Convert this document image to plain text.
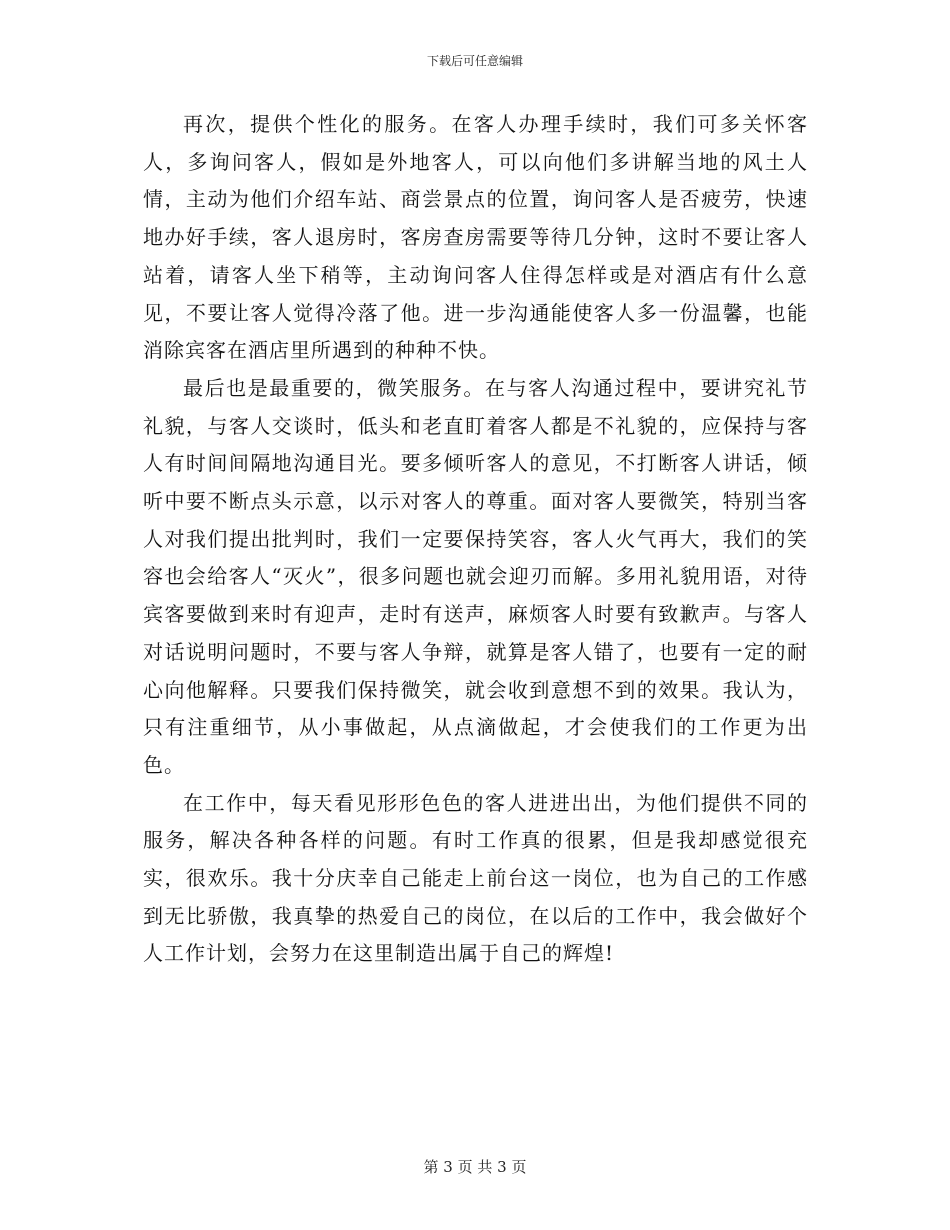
下载后可任意编辑

再次，提供个性化的服务。在客人办理手续时，我们可多关怀客人，多询问客人，假如是外地客人，可以向他们多讲解当地的风土人情，主动为他们介绍车站、商尝景点的位置，询问客人是否疲劳，快速地办好手续，客人退房时，客房查房需要等待几分钟，这时不要让客人站着，请客人坐下稍等，主动询问客人住得怎样或是对酒店有什么意见，不要让客人觉得冷落了他。进一步沟通能使客人多一份温馨，也能消除宾客在酒店里所遇到的种种不快。

最后也是最重要的，微笑服务。在与客人沟通过程中，要讲究礼节礼貌，与客人交谈时，低头和老直盯着客人都是不礼貌的，应保持与客人有时间间隔地沟通目光。要多倾听客人的意见，不打断客人讲话，倾听中要不断点头示意，以示对客人的尊重。面对客人要微笑，特别当客人对我们提出批判时，我们一定要保持笑容，客人火气再大，我们的笑容也会给客人“灭火”，很多问题也就会迎刃而解。多用礼貌用语，对待宾客要做到来时有迎声，走时有送声，麻烦客人时要有致歉声。与客人对话说明问题时，不要与客人争辩，就算是客人错了，也要有一定的耐心向他解释。只要我们保持微笑，就会收到意想不到的效果。我认为，只有注重细节，从小事做起，从点滴做起，才会使我们的工作更为出色。

在工作中，每天看见形形色色的客人进进出出，为他们提供不同的服务，解决各种各样的问题。有时工作真的很累，但是我却感觉很充实，很欢乐。我十分庆幸自己能走上前台这一岗位，也为自己的工作感到无比骄傲，我真挚的热爱自己的岗位，在以后的工作中，我会做好个人工作计划，会努力在这里制造出属于自己的辉煌!

第 3 页 共 3 页
